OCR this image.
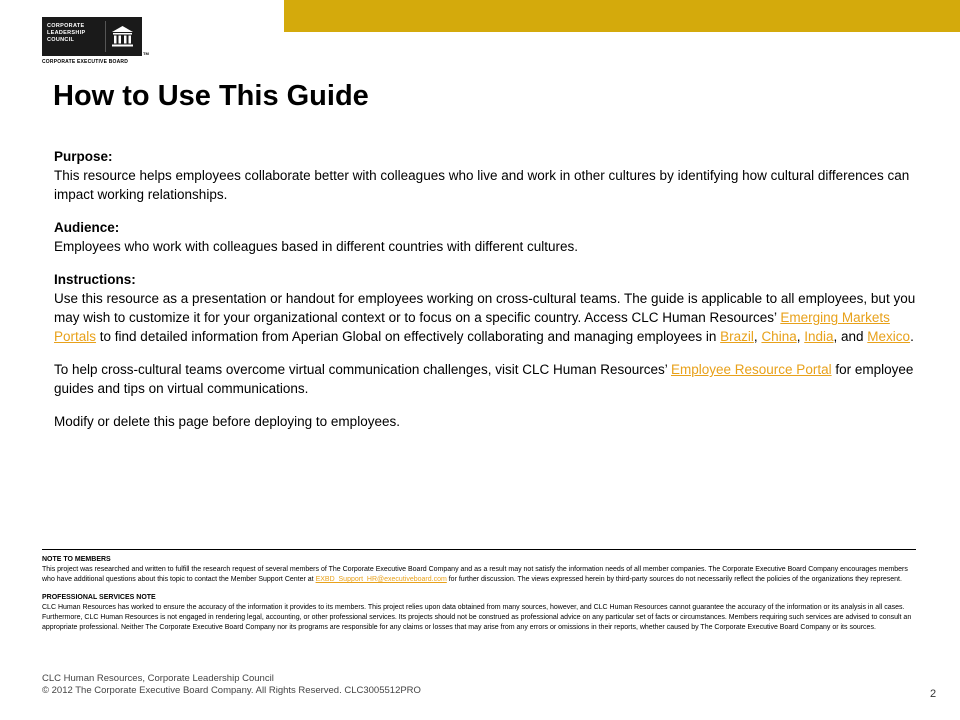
CORPORATE
LEADERSHIP
COUNCIL
TM
CORPORATE EXECUTIVE BOARD
How to Use This Guide

Purpose:

This resource helps employees collaborate better with colleagues who live and work in other cultures by identifying how cultural differences can impact working relationships.

Audience:

Employees who work with colleagues based in different countries with different cultures.

Instructions:

Use this resource as a presentation or handout for employees working on cross-cultural teams. The guide is applicable to all employees, but you may wish to customize it for your organizational context or to focus on a specific country. Access CLC Human Resources’ Emerging Markets Portals to find detailed information from Aperian Global on effectively collaborating and managing employees in Brazil, China, India, and Mexico.

To help cross-cultural teams overcome virtual communication challenges, visit CLC Human Resources’ Employee Resource Portal for employee guides and tips on virtual communications.

Modify or delete this page before deploying to employees.

NOTE TO MEMBERS

This project was researched and written to fulfill the research request of several members of The Corporate Executive Board Company and as a result may not satisfy the information needs of all member companies. The Corporate Executive Board Company encourages members who have additional questions about this topic to contact the Member Support Center at EXBD_Support_HR@executiveboard.com for further discussion. The views expressed herein by third-party sources do not necessarily reflect the policies of the organizations they represent.

PROFESSIONAL SERVICES NOTE

CLC Human Resources has worked to ensure the accuracy of the information it provides to its members. This project relies upon data obtained from many sources, however, and CLC Human Resources cannot guarantee the accuracy of the information or its analysis in all cases. Furthermore, CLC Human Resources is not engaged in rendering legal, accounting, or other professional services. Its projects should not be construed as professional advice on any particular set of facts or circumstances. Members requiring such services are advised to consult an appropriate professional. Neither The Corporate Executive Board Company nor its programs are responsible for any claims or losses that may arise from any errors or omissions in their reports, whether caused by The Corporate Executive Board Company or its sources.

CLC Human Resources, Corporate Leadership Council
© 2012 The Corporate Executive Board Company. All Rights Reserved. CLC3005512PRO	2
